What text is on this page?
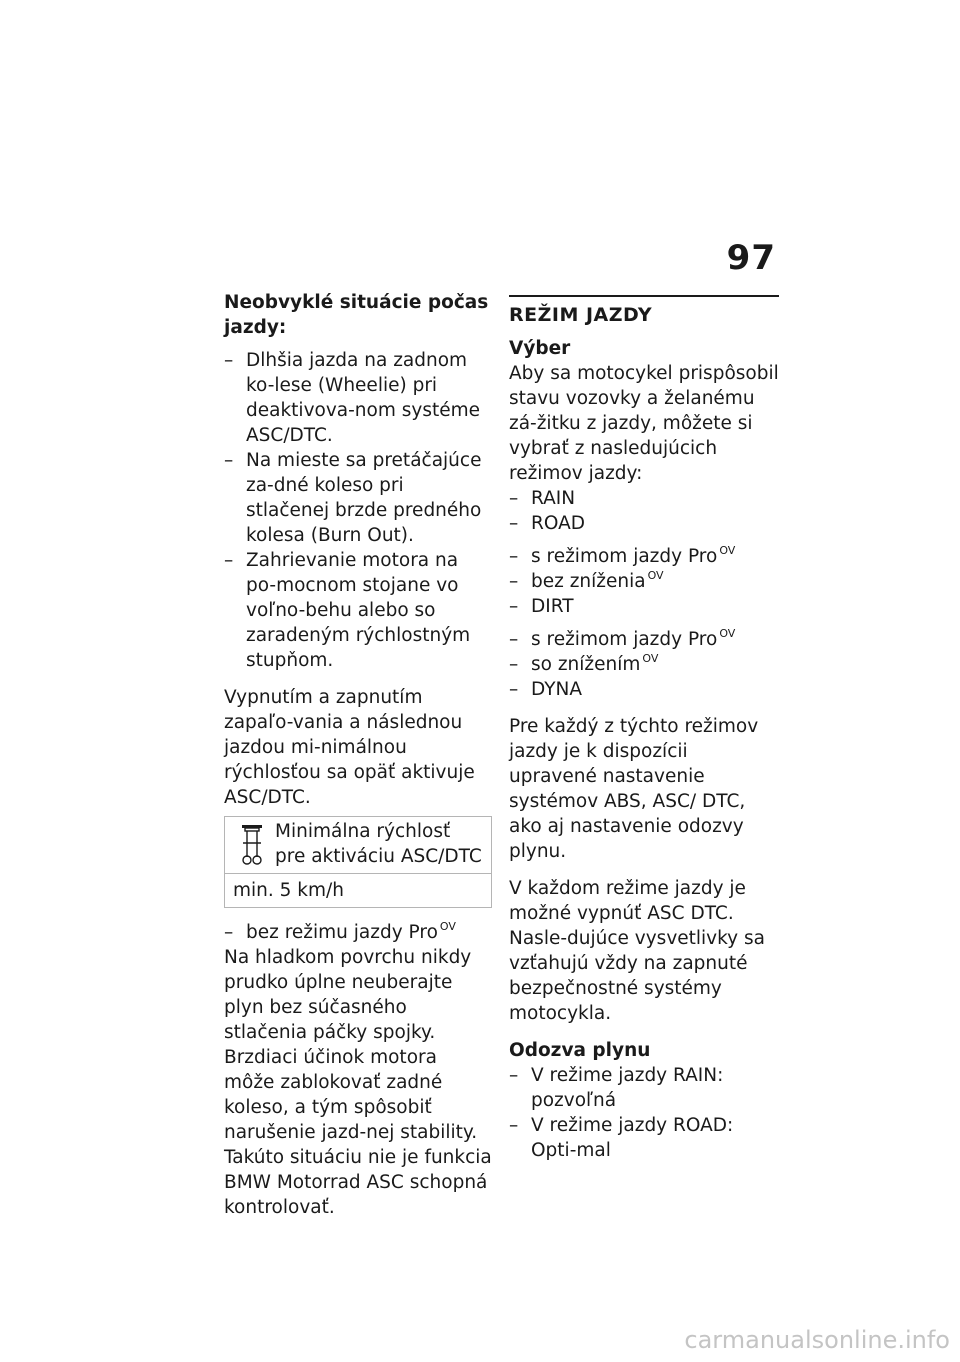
97

Neobvyklé situácie počas
jazdy:

– Dlhšia jazda na zadnom ko-lese (Wheelie) pri deaktivova-nom systéme ASC/DTC.
– Na mieste sa pretáčajúce za-dné koleso pri stlačenej brzde predného kolesa (Burn Out).
– Zahrievanie motora na po-mocnom stojane vo voľno-behu alebo so zaradeným rýchlostným stupňom.

Vypnutím a zapnutím zapaľo-vania a následnou jazdou mi-nimálnou rýchlosťou sa opäť aktivuje ASC/DTC.

Minimálna rýchlosť pre aktiváciu ASC/DTC
min. 5 km/h
– bez režimu jazdy Pro $^{OV}$

Na hladkom povrchu nikdy prudko úplne neuberajte plyn bez súčasného stlačenia páčky spojky. Brzdiaci účinok motora môže zablokovať zadné koleso, a tým spôsobiť narušenie jazd-nej stability. Takúto situáciu nie je funkcia BMW Motorrad ASC schopná kontrolovať.

REŽIM JAZDY

Výber

Aby sa motocykel prispôsobil stavu vozovky a želanému zá-žitku z jazdy, môžete si vybrať z nasledujúcich režimov jazdy:

– RAIN
– ROAD
– s režimom jazdy Pro $^{OV}$
– bez zníženia $^{OV}$
– DIRT
– s režimom jazdy Pro $^{OV}$
– so znížením $^{OV}$
– DYNA

Pre každý z týchto režimov jazdy je k dispozícii upravené nastavenie systémov ABS, ASC/ DTC, ako aj nastavenie odozvy plynu.

V každom režime jazdy je možné vypnúť ASC DTC. Nasle-dujúce vysvetlivky sa vzťahujú vždy na zapnuté bezpečnostné systémy motocykla.

Odozva plynu

– V režime jazdy RAIN: pozvoľná
– V režime jazdy ROAD: Opti-mal
carmanualsonline.info
